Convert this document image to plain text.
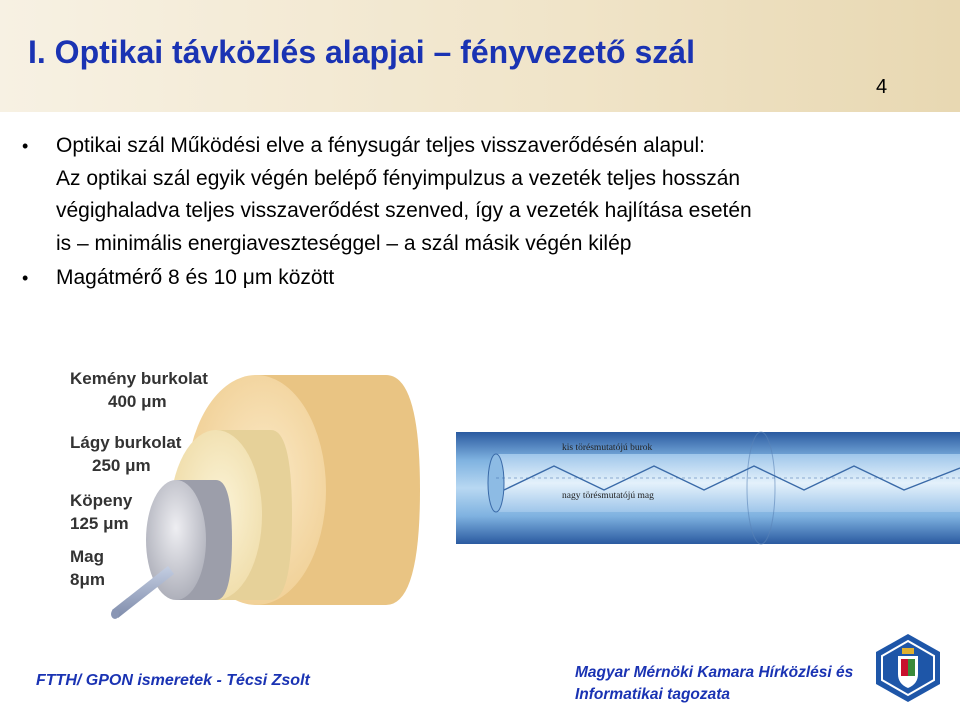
I. Optikai távközlés alapjai – fényvezető szál
4
• Optikai szál Működési elve a fénysugár teljes visszaverődésén alapul:
Az optikai szál egyik végén belépő fényimpulzus a vezeték teljes hosszán
végighaladva teljes visszaverődést szenved, így a vezeték hajlítása esetén
is – minimális energiaveszteséggel – a szál másik végén kilép
• Magátmérő 8 és 10 μm között
Kemény burkolat
400 μm
Lágy burkolat
250 μm
Köpeny
125 μm
Mag
8μm
kis törésmutatójú burok
nagy törésmutatójú mag
FTTH/ GPON ismeretek - Técsi Zsolt	Magyar Mérnöki Kamara Hírközlési és
Informatikai tagozata
